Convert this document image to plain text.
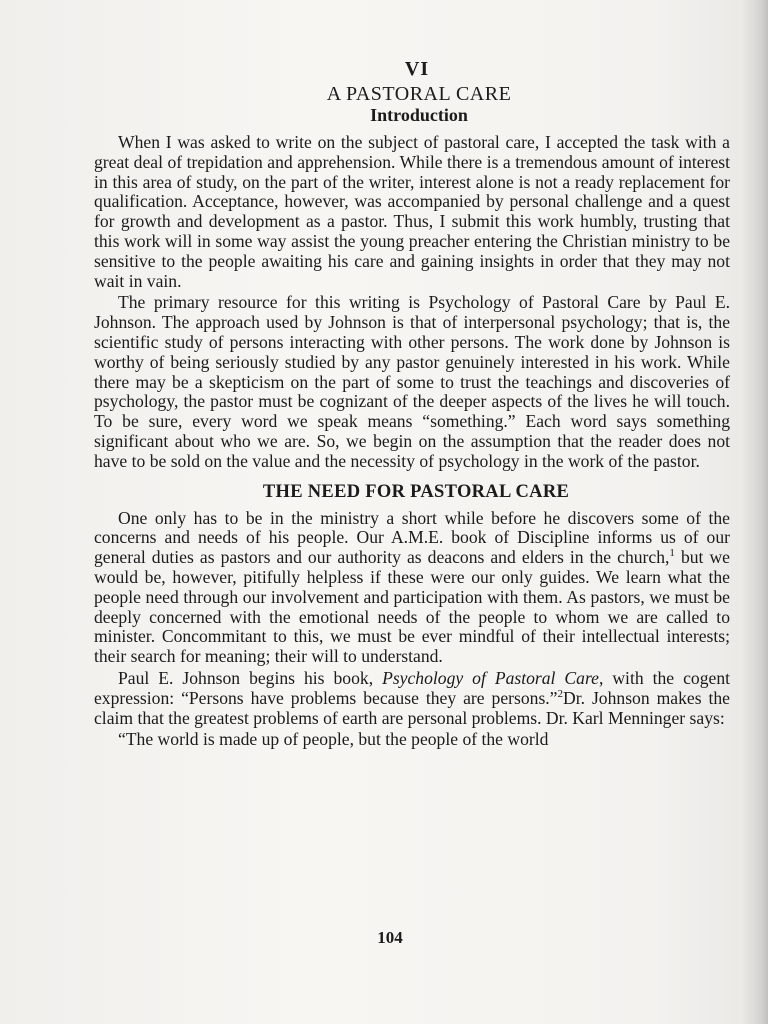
VI
A PASTORAL CARE
Introduction

When I was asked to write on the subject of pastoral care, I accepted the task with a great deal of trepidation and apprehension. While there is a tremendous amount of interest in this area of study, on the part of the writer, interest alone is not a ready replacement for qualification. Acceptance, however, was accompanied by personal challenge and a quest for growth and development as a pastor. Thus, I submit this work humbly, trusting that this work will in some way assist the young preacher entering the Christian ministry to be sensitive to the people awaiting his care and gaining insights in order that they may not wait in vain.

The primary resource for this writing is Psychology of Pastoral Care by Paul E. Johnson. The approach used by Johnson is that of interpersonal psychology; that is, the scientific study of persons interacting with other persons. The work done by Johnson is worthy of being seriously studied by any pastor genuinely interested in his work. While there may be a skepticism on the part of some to trust the teachings and discoveries of psychology, the pastor must be cognizant of the deeper aspects of the lives he will touch. To be sure, every word we speak means “something.” Each word says something significant about who we are. So, we begin on the assumption that the reader does not have to be sold on the value and the necessity of psychology in the work of the pastor.

THE NEED FOR PASTORAL CARE

One only has to be in the ministry a short while before he discovers some of the concerns and needs of his people. Our A.M.E. book of Discipline informs us of our general duties as pastors and our authority as deacons and elders in the church,$^1$ but we would be, however, pitifully helpless if these were our only guides. We learn what the people need through our involvement and participation with them. As pastors, we must be deeply concerned with the emotional needs of the people to whom we are called to minister. Concommitant to this, we must be ever mindful of their intellectual interests; their search for meaning; their will to understand.

Paul E. Johnson begins his book, Psychology of Pastoral Care, with the cogent expression: “Persons have problems because they are persons.”$^2$Dr. Johnson makes the claim that the greatest problems of earth are personal problems. Dr. Karl Menninger says:

“The world is made up of people, but the people of the world

104
